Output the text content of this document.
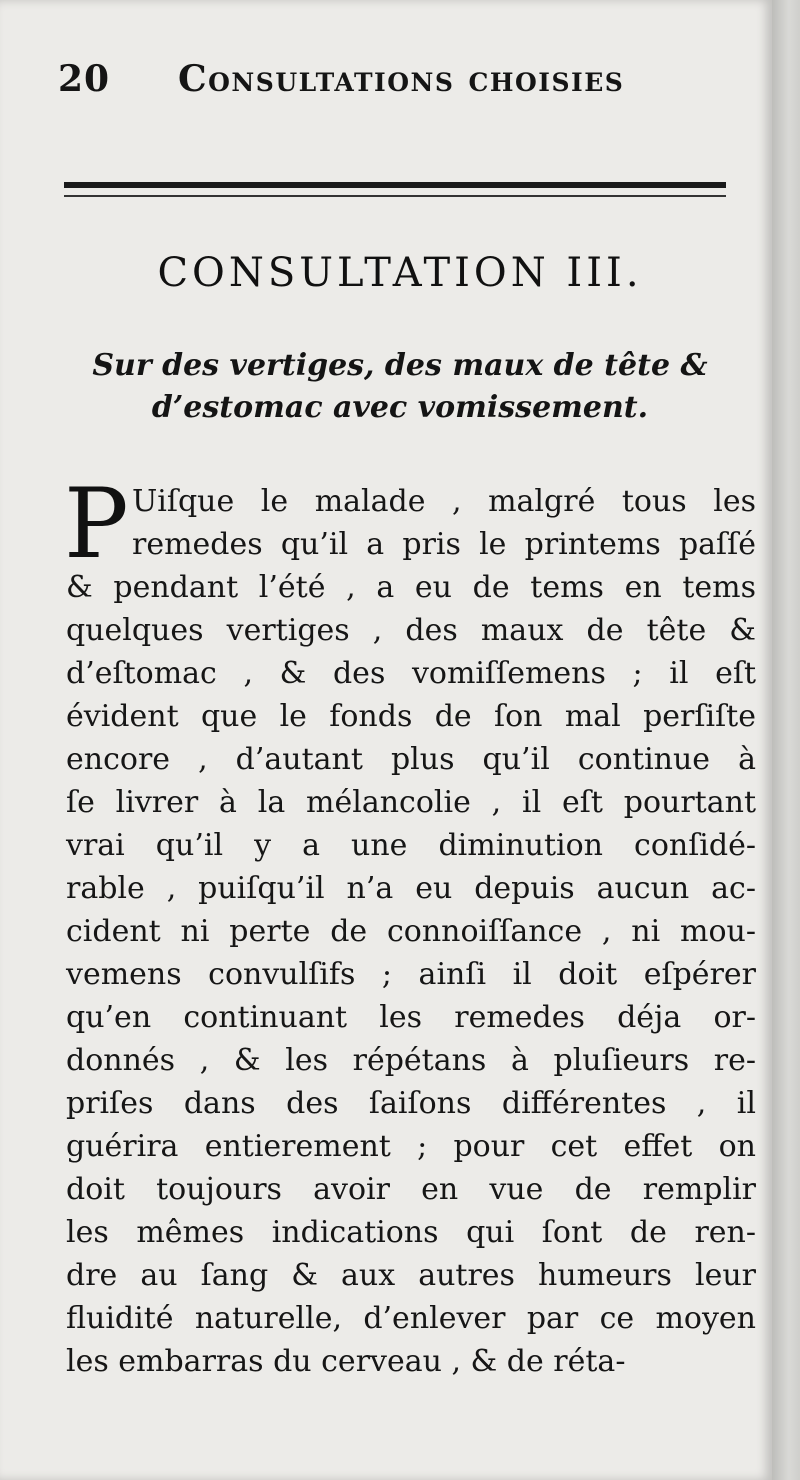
20 Consultations choisies
CONSULTATION III.
Sur des vertiges, des maux de tête &
d’estomac avec vomissement.
P Uiſque le malade , malgré tous les
remedes qu’il a pris le printems paſſé
& pendant l’été , a eu de tems en tems
quelques vertiges , des maux de tête &
d’eſtomac , & des vomiſſemens ; il eſt
évident que le fonds de ſon mal perſiſte
encore , d’autant plus qu’il continue à
ſe livrer à la mélancolie , il eſt pourtant
vrai qu’il y a une diminution conſidé-
rable , puiſqu’il n’a eu depuis aucun ac-
cident ni perte de connoiſſance , ni mou-
vemens convulſifs ; ainſi il doit eſpérer
qu’en continuant les remedes déja or-
donnés , & les répétans à pluſieurs re-
priſes dans des ſaiſons différentes , il
guérira entierement ; pour cet effet on
doit toujours avoir en vue de remplir
les mêmes indications qui ſont de ren-
dre au ſang & aux autres humeurs leur
fluidité naturelle, d’enlever par ce moyen
les embarras du cerveau , & de réta-
